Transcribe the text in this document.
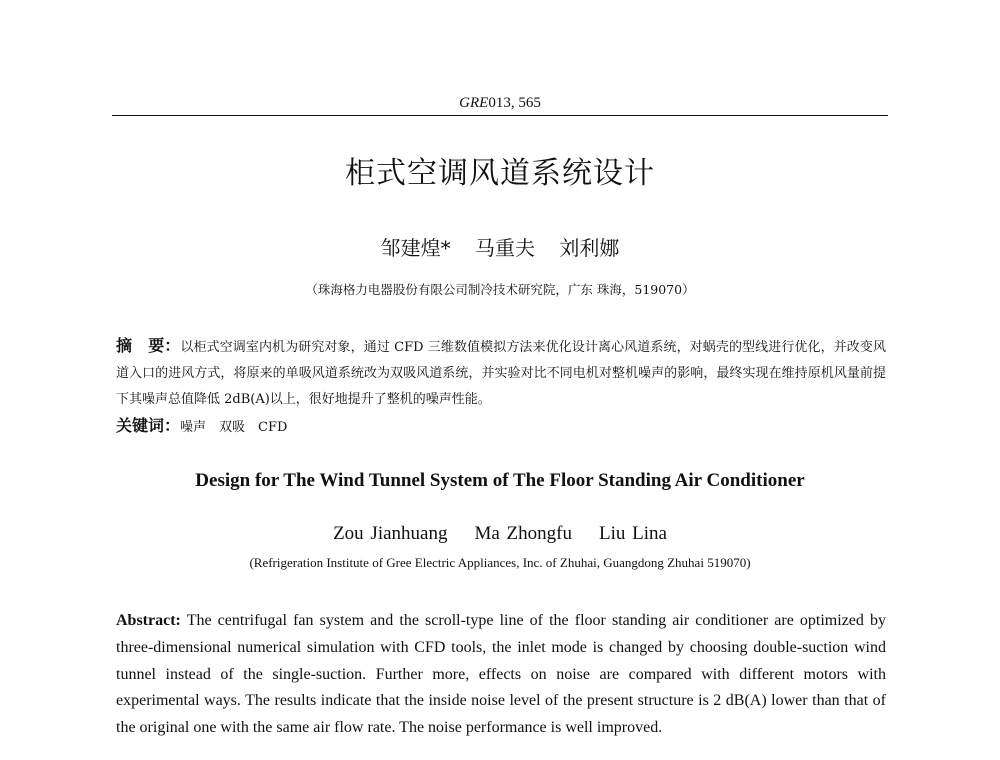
GRE013, 565
柜式空调风道系统设计
邹建煌* 马重夫 刘利娜
（珠海格力电器股份有限公司制冷技术研究院，广东 珠海，519070）
摘　要：以柜式空调室内机为研究对象，通过 CFD 三维数值模拟方法来优化设计离心风道系统，对蜗壳的型线进行优化，并改变风道入口的进风方式，将原来的单吸风道系统改为双吸风道系统，并实验对比不同电机对整机噪声的影响，最终实现在维持原机风量前提下其噪声总值降低 2dB(A)以上，很好地提升了整机的噪声性能。
关键词：噪声　双吸　CFD
Design for The Wind Tunnel System of The Floor Standing Air Conditioner
Zou Jianhuang    Ma Zhongfu    Liu Lina
(Refrigeration Institute of Gree Electric Appliances, Inc. of Zhuhai, Guangdong Zhuhai 519070)
Abstract: The centrifugal fan system and the scroll-type line of the floor standing air conditioner are optimized by three-dimensional numerical simulation with CFD tools, the inlet mode is changed by choosing double-suction wind tunnel instead of the single-suction. Further more, effects on noise are compared with different motors with experimental ways. The results indicate that the inside noise level of the present structure is 2 dB(A) lower than that of the original one with the same air flow rate. The noise performance is well improved.
